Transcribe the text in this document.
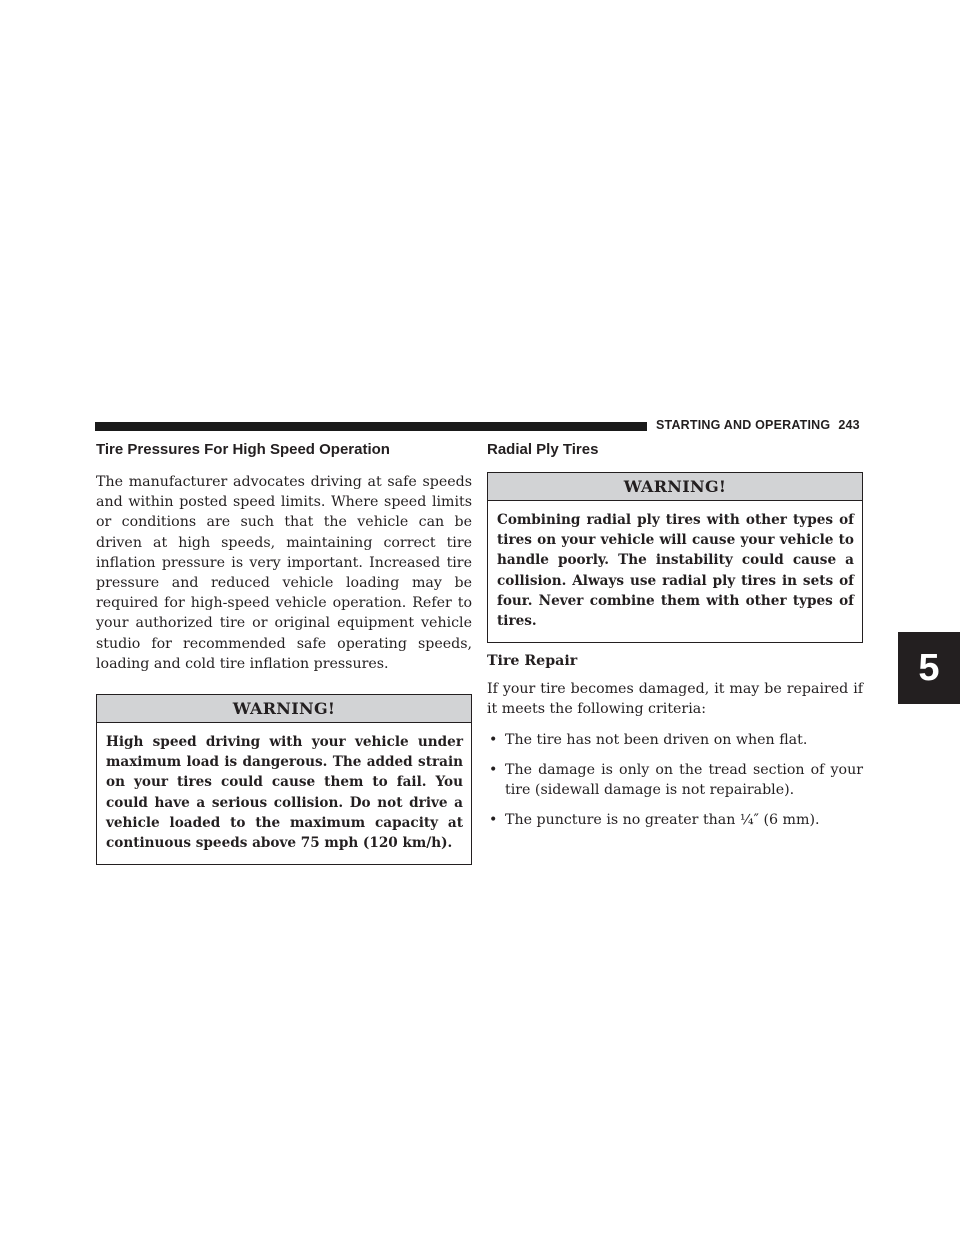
STARTING AND OPERATING 243
5
Tire Pressures For High Speed Operation

The manufacturer advocates driving at safe speeds and within posted speed limits. Where speed limits or conditions are such that the vehicle can be driven at high speeds, maintaining correct tire inflation pressure is very important. Increased tire pressure and reduced vehicle loading may be required for high-speed vehicle operation. Refer to your authorized tire or original equipment vehicle studio for recommended safe operating speeds, loading and cold tire inflation pressures.

WARNING!
High speed driving with your vehicle under maximum load is dangerous. The added strain on your tires could cause them to fail. You could have a serious collision. Do not drive a vehicle loaded to the maximum capacity at continuous speeds above 75 mph (120 km/h).
Radial Ply Tires
WARNING!
Combining radial ply tires with other types of tires on your vehicle will cause your vehicle to handle poorly. The instability could cause a collision. Always use radial ply tires in sets of four. Never combine them with other types of tires.
Tire Repair

If your tire becomes damaged, it may be repaired if it meets the following criteria:

• The tire has not been driven on when flat.
• The damage is only on the tread section of your tire (sidewall damage is not repairable).
• The puncture is no greater than ¼″ (6 mm).
